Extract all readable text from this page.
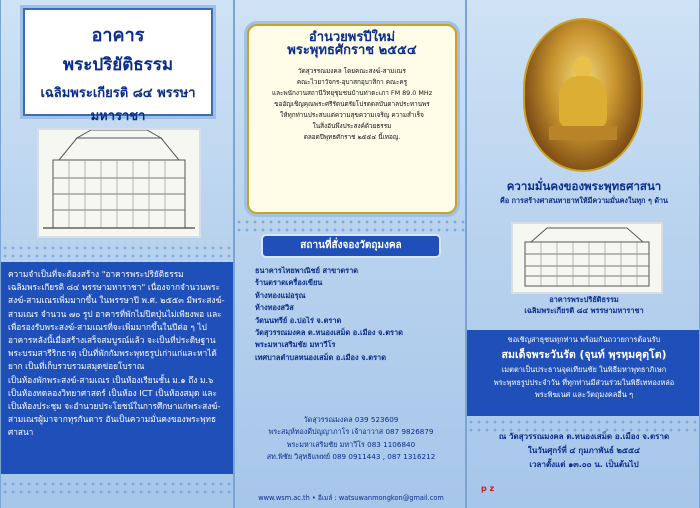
อาคาร
พระปริยัติธรรม
เฉลิมพระเกียรติ ๘๔ พรรษา
มหาราชา

ความจำเป็นที่จะต้องสร้าง "อาคารพระปริยัติธรรม เฉลิมพระเกียรติ ๘๔ พรรษามหาราชา" เนื่องจากจำนวนพระสงฆ์-สามเณรเพิ่มมากขึ้น ในพรรษาปี พ.ศ. ๒๕๕๓ มีพระสงฆ์-สามเณร จำนวน ๗๐ รูป อาคารที่พักไม่ปิดปุ่นไม่เพียงพอ และเพื่อรองรับพระสงฆ์-สามเณรที่จะเพิ่มมากขึ้นในปีต่อ ๆ ไป อาคารหลังนี้เมื่อสร้างเสร็จสมบูรณ์แล้ว จะเป็นที่ประดิษฐานพระบรมสารีริกธาตุ เป็นที่พักกัมพระพุทธรูปเก่าแก่และหาได้ยาก เป็นที่เก็บรวบรวมสมุดข่อยโบราณ
เป็นห้องพักพระสงฆ์-สามเณร เป็นห้องเรียนชั้น ม.๑ ถึง ม.๖ เป็นห้องทดลองวิทยาศาสตร์ เป็นห้อง ICT เป็นห้องสมุด และเป็นห้องประชุม จะอำนวยประโยชน์ในการศึกษาแก่พระสงฆ์-สามเณรผู้มาจากทุรกันดาร อันเป็นความมั่นคงของพระพุทธศาสนา

อำนวยพรปีใหม่
พระพุทธศักราช ๒๕๕๔
วัดสุวรรณมงคล โดยคณะสงฆ์-สามเณร
คณะไวยาวัจกร-อุบาสกอุบาสิกา คณะครู
และพนักงานสถานีวิทยุชุมชนบ้านท่าตะเภา FM 89.0 MHz
ขออัญเชิญคุณพระศรีรัตนตรัยโปรดดลบันดาลประทานพร
ให้ทุกท่านประสบแต่ความสุขความเจริญ ความสำเร็จ
ในสิ่งอันพึงประสงค์ด้วยธรรม
ตลอดปีพุทธศักราช ๒๕๕๔ นี้เทอญ.
สถานที่สั่งจองวัตถุมงคล
ธนาคารไทยพาณิชย์ สาขาตราด
ร้านตราดเครื่องเขียน
ห้างทองแม่อรุณ
ห้างทองสวิส
วัดนนทรีย์ อ.บ่อไร่ จ.ตราด
วัดสุวรรณมงคล ต.หนองเสม็ด อ.เมือง จ.ตราด
พระมหาเสริมชัย มหาวีโร
เทศบาลตำบลหนองเสม็ด อ.เมือง จ.ตราด
วัดสุวรรณมงคล 039 523609
พระสมุห์ทองดีปญญาภาโร เจ้าอาวาส 087 9826879
พระมหาเสริมชัย มหาวีโร 083 1106840
สท.พิชัย วิสุทธิแพทย์ 089 0911443 , 087 1316212
www.wsm.ac.th • อีเมล์ : watsuwanmongkon@gmail.com
ความมั่นคงของพระพุทธศาสนา
คือ การสร้างศาสนทายาทให้มีความมั่นคงในทุก ๆ ด้าน
อาคารพระปริยัติธรรม
เฉลิมพระเกียรติ ๘๔ พรรษามหาราชา
ขอเชิญสาธุชนทุกท่าน พร้อมกันถวายการต้อนรับ
สมเด็จพระวันรัต (จุนท์ พฺรหฺมคุตฺโต)
เมตตาเป็นประธานจุดเทียนชัย ในพิธีมหาพุทธาภิเษก
พระพุทธรูปประจำวัน ที่ทุกท่านมีส่วนร่วมในพิธีเททองหล่อ
พระพิฆเนศ และวัตถุมงคลอื่น ๆ
ณ วัดสุวรรณมงคล ต.หนองเสม็ด อ.เมือง จ.ตราด
ในวันศุกร์ที่ ๔ กุมภาพันธ์ ๒๕๕๔
เวลาตั้งแต่ ๑๓.๐๐ น. เป็นต้นไป
p z
